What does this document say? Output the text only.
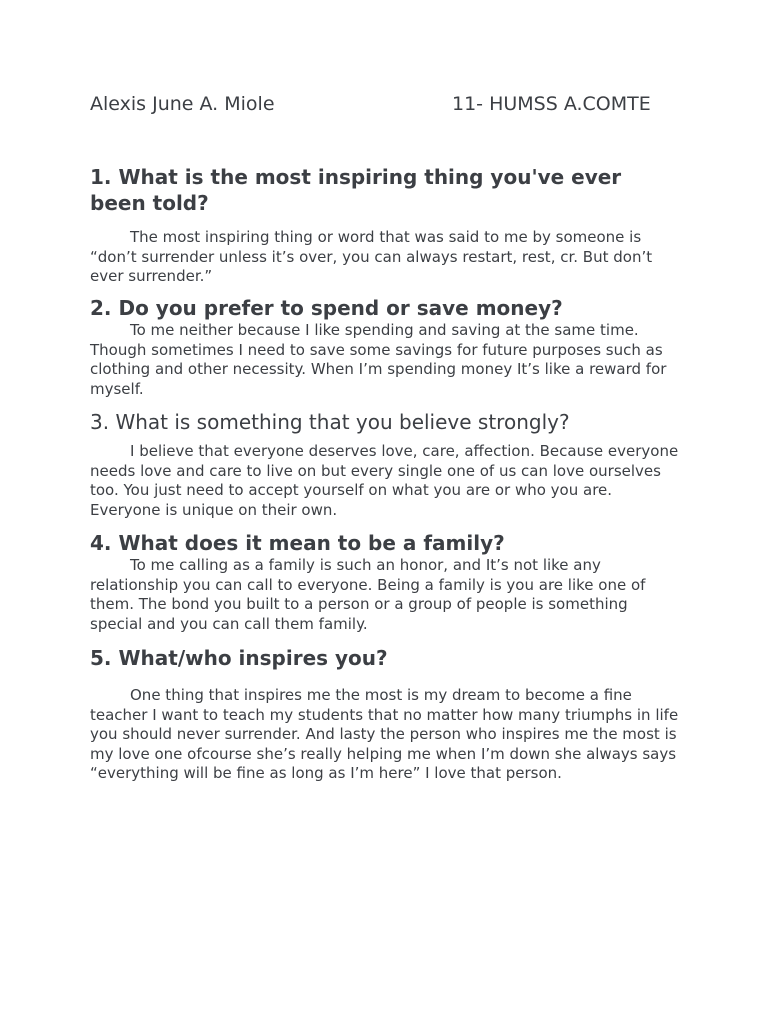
Alexis June A. Miole	11- HUMSS A.COMTE
1. What is the most inspiring thing you've ever been told?

The most inspiring thing or word that was said to me by someone is “don’t surrender unless it’s over, you can always restart, rest, cr. But don’t ever surrender.”

2. Do you prefer to spend or save money?

To me neither because I like spending and saving at the same time. Though sometimes I need to save some savings for future purposes such as clothing and other necessity. When I’m spending money It’s like a reward for myself.

3. What is something that you believe strongly?

I believe that everyone deserves love, care, affection. Because everyone needs love and care to live on but every single one of us can love ourselves too. You just need to accept yourself on what you are or who you are. Everyone is unique on their own.

4. What does it mean to be a family?

To me calling as a family is such an honor, and It’s not like any relationship you can call to everyone. Being a family is you are like one of them. The bond you built to a person or a group of people is something special and you can call them family.

5. What/who inspires you?

One thing that inspires me the most is my dream to become a fine teacher I want to teach my students that no matter how many triumphs in life you should never surrender. And lasty the person who inspires me the most is my love one ofcourse she’s really helping me when I’m down she always says “everything will be fine as long as I’m here” I love that person.
